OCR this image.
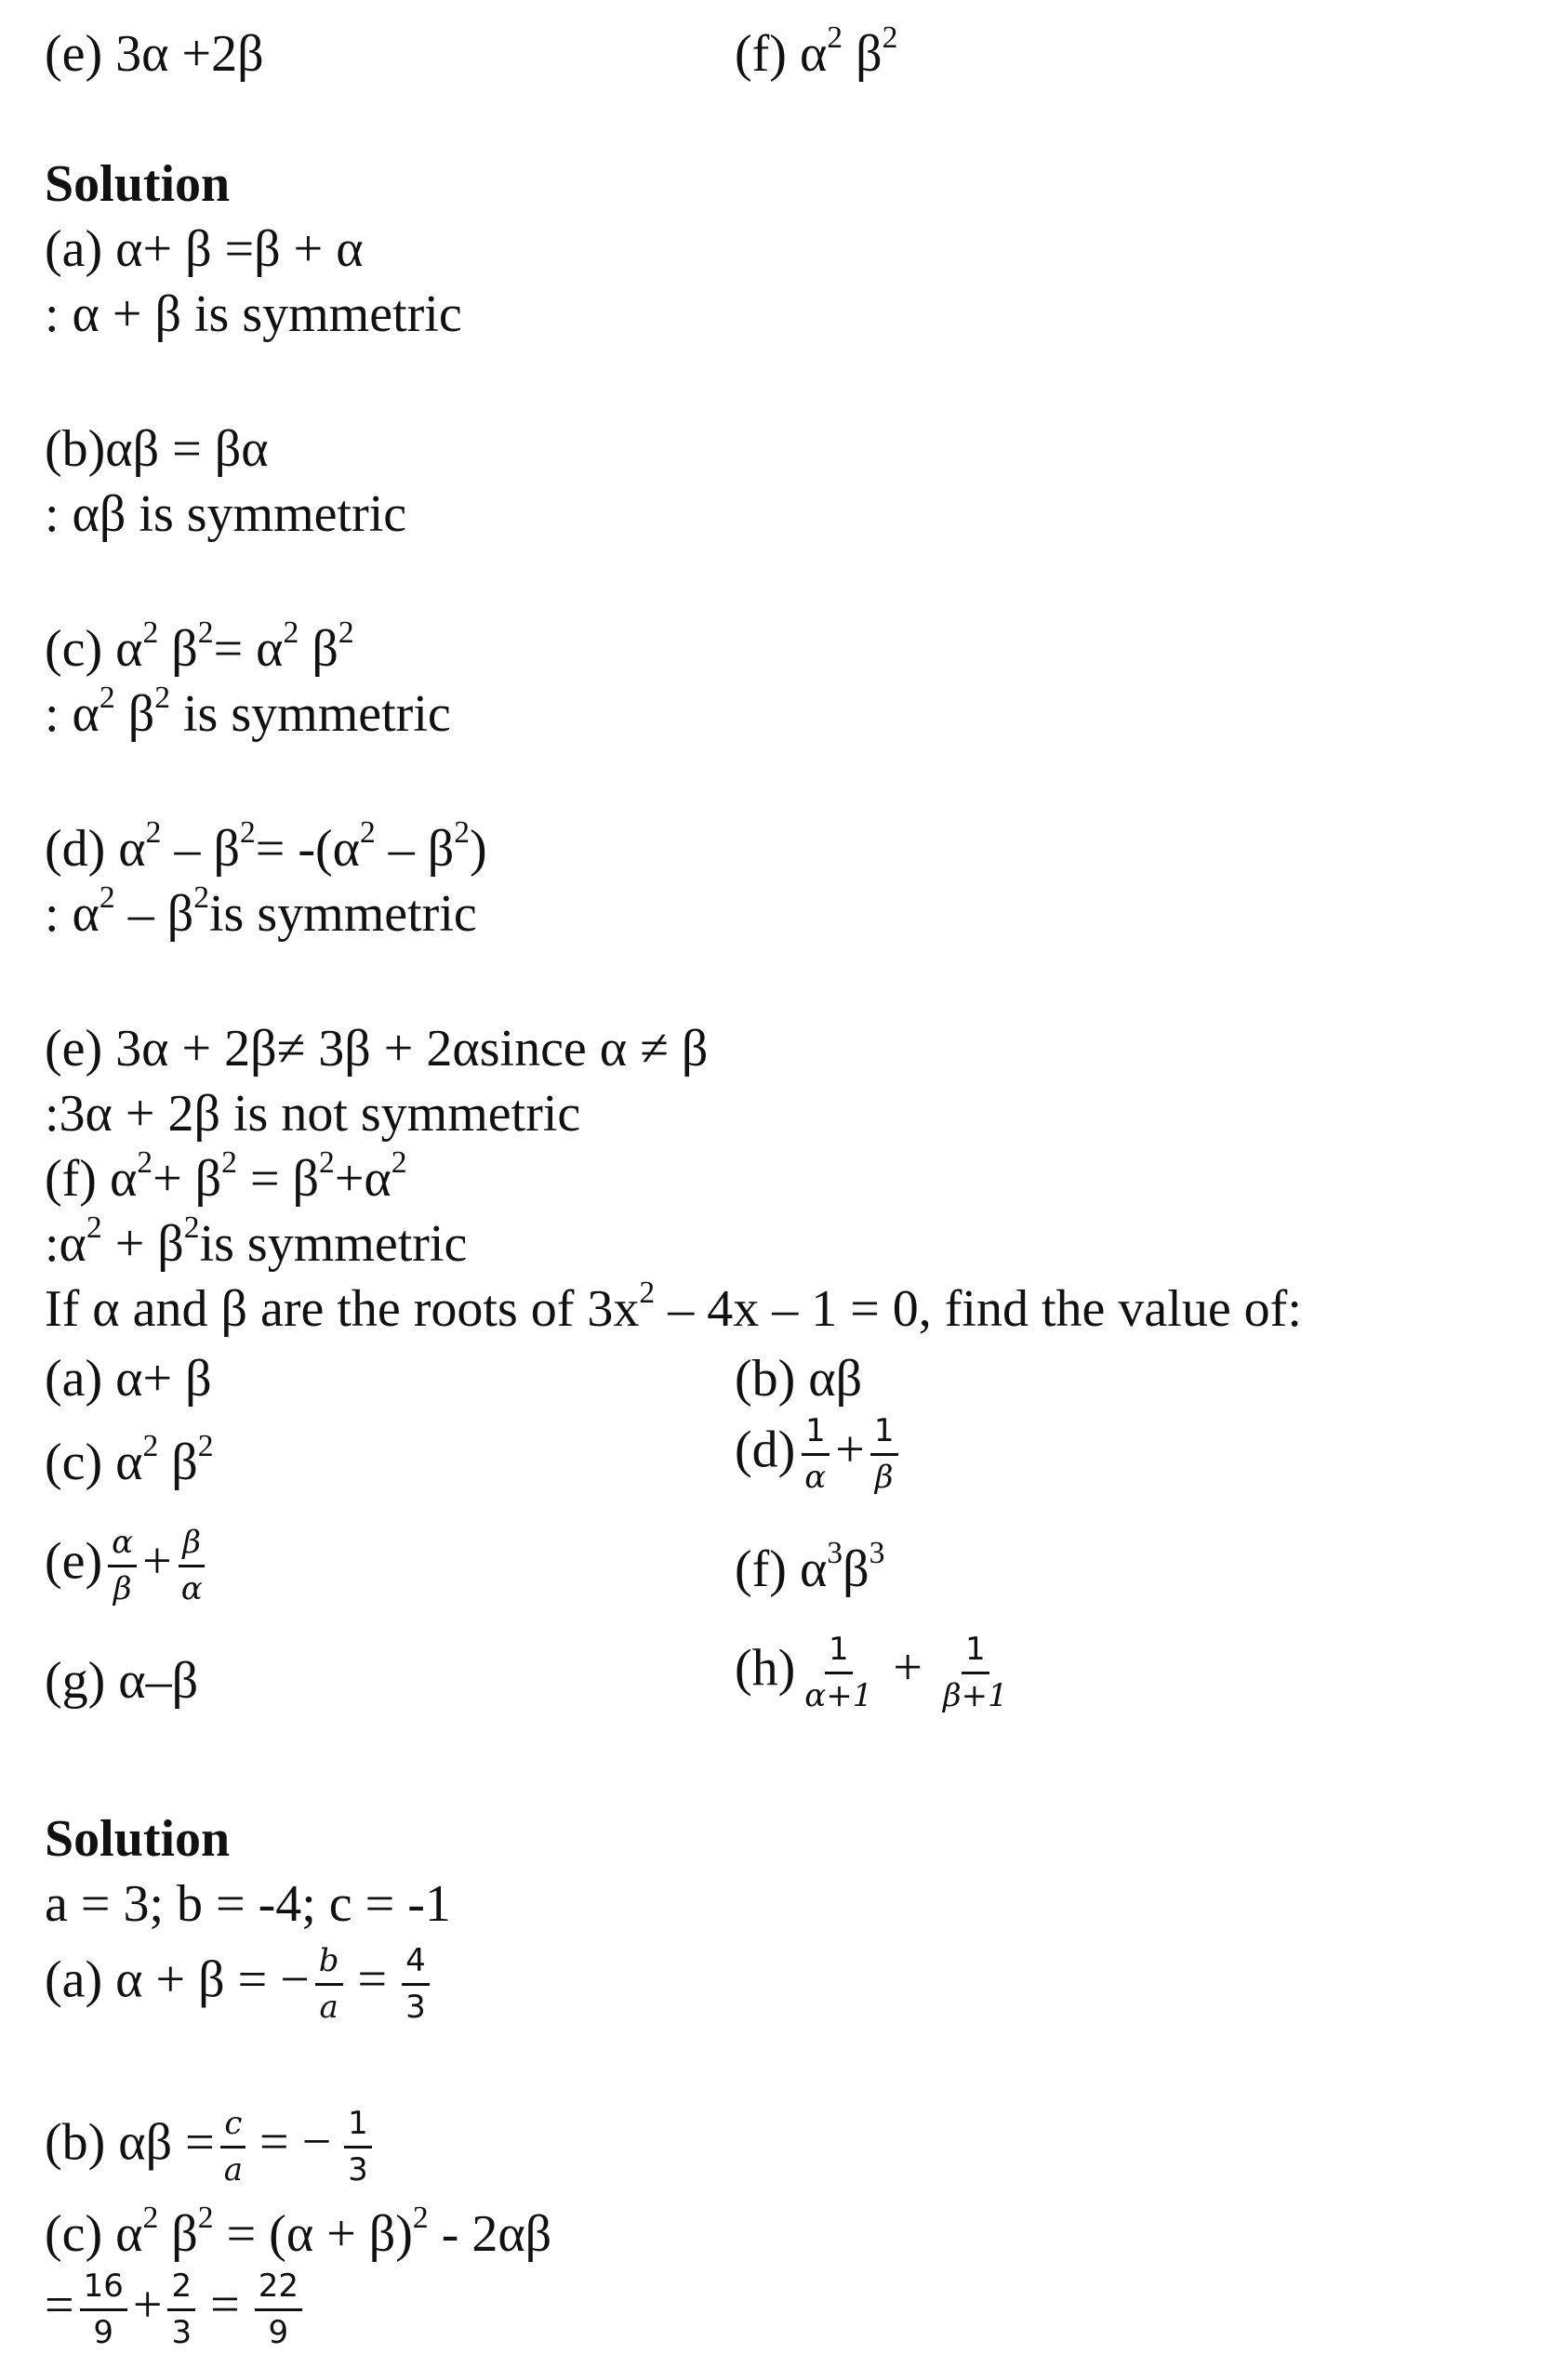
(e) 3α +2β	(f) $\alpha^2$ $\beta^2$
Solution
(a) α+ β =β + α
: α + β is symmetric
(b)αβ = βα
: αβ is symmetric
(c) $\alpha^2$ $\beta^2= \alpha^2$ $\beta^2$
: $\alpha^2$ $\beta^2$ is symmetric
(d) $\alpha^2 - \beta^2= -(\alpha^2 - \beta^2)$
: $\alpha^2 - \beta^2is$ symmetric
(e) 3α + 2β≠ 3β + 2αsince α ≠ β
:3α + 2β is not symmetric
(f) $\alpha^2+ \beta^2 = \beta^2+\alpha^2$
$:\alpha^2 + \beta^2is$ symmetric
If α and β are the roots of $3x^2 - 4x - 1 = 0$, find the value of:
(a) α+ β	(b) αβ
(c) $\alpha^2$ $\beta^2$	$(d) \frac{1}{\alpha} + \frac{1}{\beta}$
$(e) \frac{\alpha}{\beta} + \frac{\beta}{\alpha}$	(f) $\alpha^3\beta^3$
(g) α–β	$(h) \frac{1}{\alpha+1} + \frac{1}{\beta+1}$
Solution
a = 3; b = -4; c = -1
(a) α + β = − $\frac{b}{a} = \frac{4}{3}$
(b) $\alpha\beta = \frac{c}{a}$ = − $\frac{1}{3}$
(c) $\alpha^2$ $\beta^2 = (\alpha + \beta)^2 - 2\alpha\beta$
= $\frac{16}{9} + \frac{2}{3} = \frac{22}{9}$
